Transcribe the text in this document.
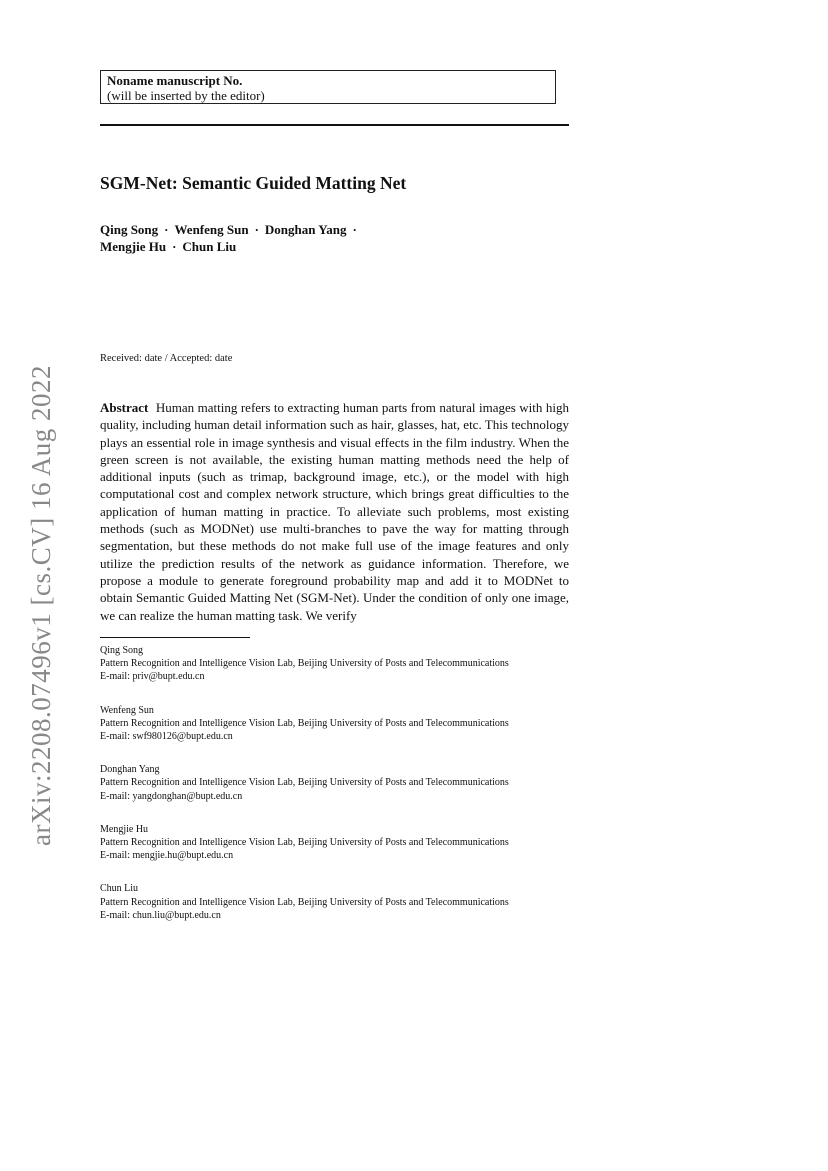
Noname manuscript No.
(will be inserted by the editor)
SGM-Net: Semantic Guided Matting Net
Qing Song · Wenfeng Sun · Donghan Yang ·
Mengjie Hu · Chun Liu
Received: date / Accepted: date
Abstract Human matting refers to extracting human parts from natural images with high quality, including human detail information such as hair, glasses, hat, etc. This technology plays an essential role in image synthesis and visual effects in the film industry. When the green screen is not available, the existing human matting methods need the help of additional inputs (such as trimap, background image, etc.), or the model with high computational cost and complex network structure, which brings great difficulties to the application of human matting in practice. To alleviate such problems, most existing methods (such as MODNet) use multi-branches to pave the way for matting through segmentation, but these methods do not make full use of the image features and only utilize the prediction results of the network as guidance information. Therefore, we propose a module to generate foreground probability map and add it to MODNet to obtain Semantic Guided Matting Net (SGM-Net). Under the condition of only one image, we can realize the human matting task. We verify
Qing Song
Pattern Recognition and Intelligence Vision Lab, Beijing University of Posts and Telecommunications
E-mail: priv@bupt.edu.cn
Wenfeng Sun
Pattern Recognition and Intelligence Vision Lab, Beijing University of Posts and Telecommunications
E-mail: swf980126@bupt.edu.cn
Donghan Yang
Pattern Recognition and Intelligence Vision Lab, Beijing University of Posts and Telecommunications
E-mail: yangdonghan@bupt.edu.cn
Mengjie Hu
Pattern Recognition and Intelligence Vision Lab, Beijing University of Posts and Telecommunications
E-mail: mengjie.hu@bupt.edu.cn
Chun Liu
Pattern Recognition and Intelligence Vision Lab, Beijing University of Posts and Telecommunications
E-mail: chun.liu@bupt.edu.cn
arXiv:2208.07496v1 [cs.CV] 16 Aug 2022
